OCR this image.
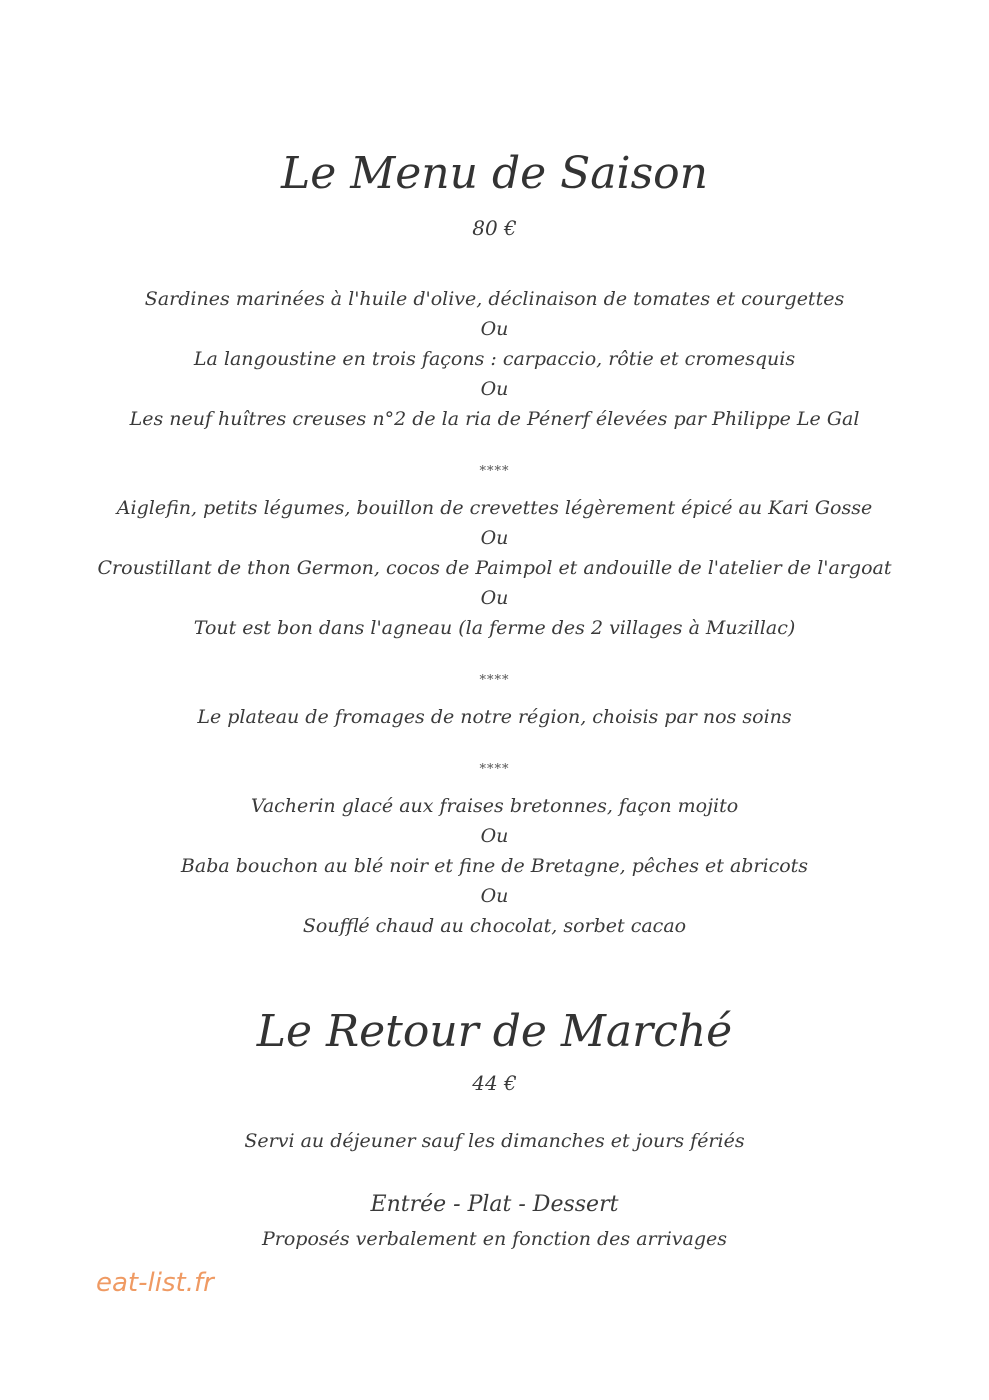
Le Menu de Saison
80 €
Sardines marinées à l'huile d'olive, déclinaison de tomates et courgettes
Ou
La langoustine en trois façons : carpaccio, rôtie et cromesquis
Ou
Les neuf huîtres creuses n°2 de la ria de Pénerf élevées par Philippe Le Gal
****
Aiglefin, petits légumes, bouillon de crevettes légèrement épicé au Kari Gosse
Ou
Croustillant de thon Germon, cocos de Paimpol et andouille de l'atelier de l'argoat
Ou
Tout est bon dans l'agneau (la ferme des 2 villages à Muzillac)
****
Le plateau de fromages de notre région, choisis par nos soins
****
Vacherin glacé aux fraises bretonnes, façon mojito
Ou
Baba bouchon au blé noir et fine de Bretagne, pêches et abricots
Ou
Soufflé chaud au chocolat, sorbet cacao
Le Retour de Marché
44 €
Servi au déjeuner sauf les dimanches et jours fériés
Entrée - Plat - Dessert
Proposés verbalement en fonction des arrivages
eat-list.fr
